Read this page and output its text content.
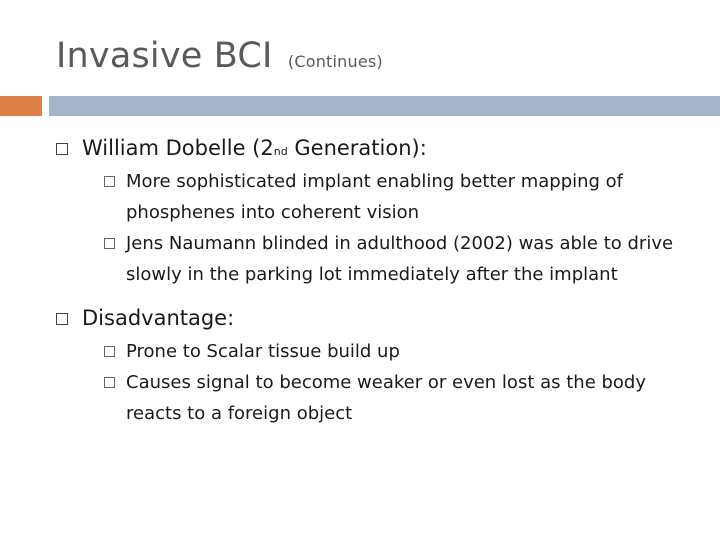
Invasive BCI (Continues)
William Dobelle (2nd Generation):
More sophisticated implant enabling better mapping of phosphenes into coherent vision
Jens Naumann blinded in adulthood (2002) was able to drive slowly in the parking lot immediately after the implant
Disadvantage:
Prone to Scalar tissue build up
Causes signal to become weaker or even lost as the body reacts to a foreign object
